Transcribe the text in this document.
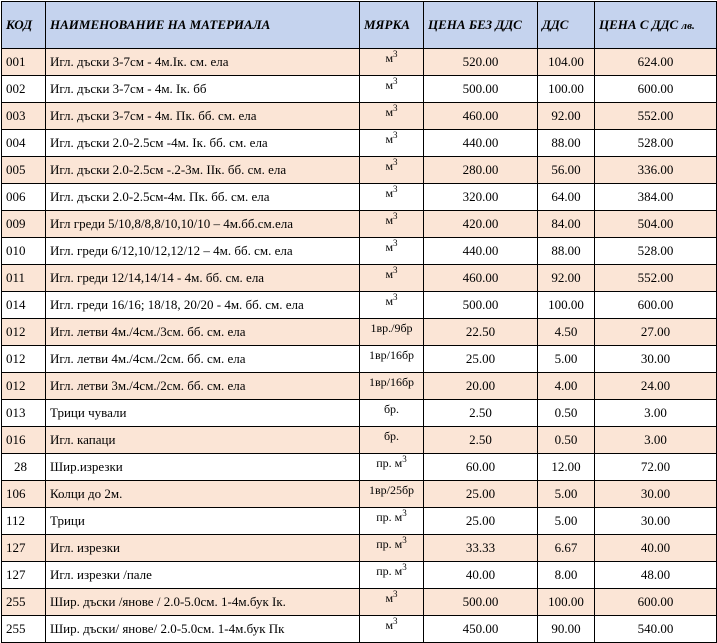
КОД	НАИМЕНОВАНИЕ НА МАТЕРИАЛА	МЯРКА	ЦЕНА БЕЗ ДДС	ДДС	ЦЕНА С ДДС лв.
001	Игл. дъски 3-7см - 4м.Ік. см. ела	$м^3$	520.00	104.00	624.00
002	Игл. дъски 3-7см - 4м. Ік. бб	$м^3$	500.00	100.00	600.00
003	Игл. дъски 3-7см - 4м. Пк. бб. см. ела	$м^3$	460.00	92.00	552.00
004	Игл. дъски 2.0-2.5см -4м. Ік. бб. см. ела	$м^3$	440.00	88.00	528.00
005	Игл. дъски 2.0-2.5см -.2-3м. ІІк. бб. см. ела	$м^3$	280.00	56.00	336.00
006	Игл. дъски 2.0-2.5см-4м. Пк. бб. см. ела	$м^3$	320.00	64.00	384.00
009	Игл греди 5/10,8/8,8/10,10/10 – 4м.бб.см.ела	$м^3$	420.00	84.00	504.00
010	Игл. греди 6/12,10/12,12/12 – 4м. бб. см. ела	$м^3$	440.00	88.00	528.00
011	Игл. греди 12/14,14/14 - 4м. бб. см. ела	$м^3$	460.00	92.00	552.00
014	Игл. греди 16/16; 18/18, 20/20 - 4м. бб. см. ела	$м^3$	500.00	100.00	600.00
012	Игл. летви 4м./4см./3см. бб. см. ела	1вр./9бр	22.50	4.50	27.00
012	Игл. летви 4м./4см./2см. бб. см. ела	1вр/16бр	25.00	5.00	30.00
012	Игл. летви 3м./4см./2см. бб. см. ела	1вр/16бр	20.00	4.00	24.00
013	Трици чували	бр.	2.50	0.50	3.00
016	Игл. капаци	бр.	2.50	0.50	3.00
28	Шир.изрезки	пр. $м^3$	60.00	12.00	72.00
106	Колци до 2м.	1вр/25бр	25.00	5.00	30.00
112	Трици	пр. $м^3$	25.00	5.00	30.00
127	Игл. изрезки	пр. $м^3$	33.33	6.67	40.00
127	Игл. изрезки /пале	пр. $м^3$	40.00	8.00	48.00
255	Шир. дъски /янове / 2.0-5.0см. 1-4м.бук Ік.	$м^3$	500.00	100.00	600.00
255	Шир. дъски/ янове/ 2.0-5.0см. 1-4м.бук Пк	$м^3$	450.00	90.00	540.00
